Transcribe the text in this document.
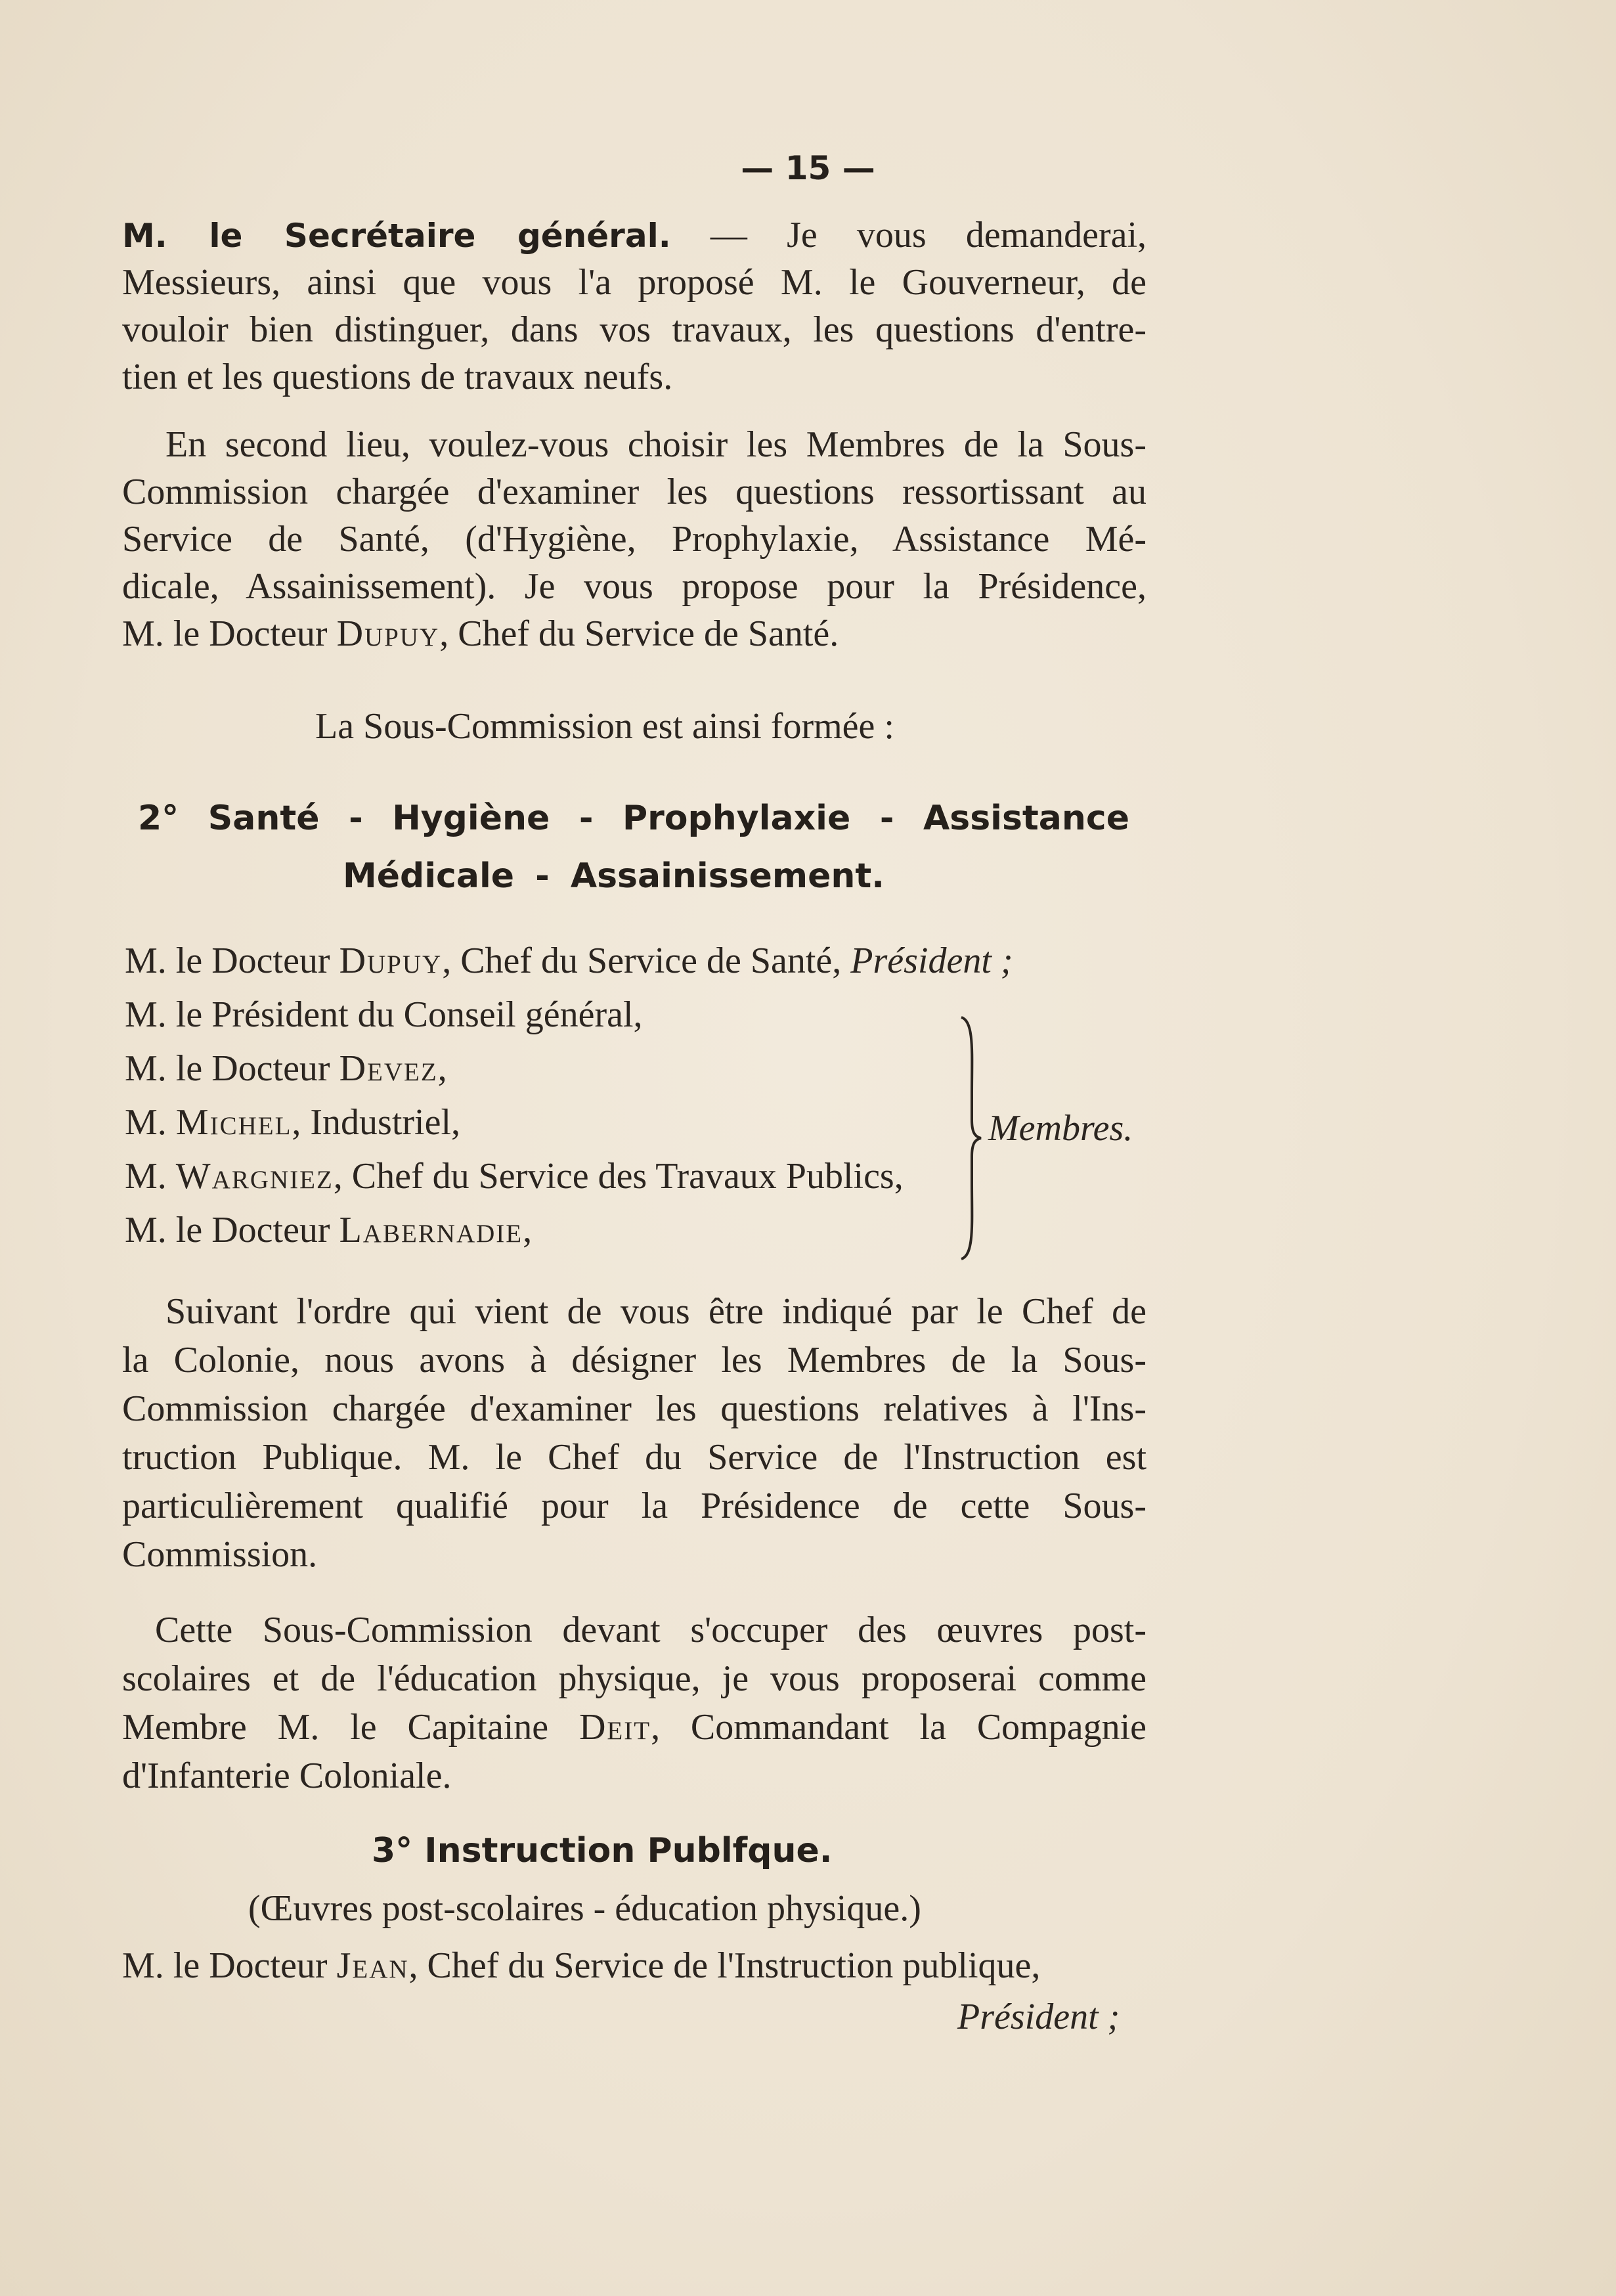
— 15 —
M. le Secrétaire général. — Je vous demanderai,
Messieurs, ainsi que vous l'a proposé M. le Gouverneur, de
vouloir bien distinguer, dans vos travaux, les questions d'entre-
tien et les questions de travaux neufs.
En second lieu, voulez-vous choisir les Membres de la Sous-
Commission chargée d'examiner les questions ressortissant au
Service de Santé, (d'Hygiène, Prophylaxie, Assistance Mé-
dicale, Assainissement). Je vous propose pour la Présidence,
M. le Docteur Dupuy, Chef du Service de Santé.
La Sous-Commission est ainsi formée :
2° Santé - Hygiène - Prophylaxie - Assistance
Médicale - Assainissement.
M. le Docteur Dupuy, Chef du Service de Santé, Président ;
M. le Président du Conseil général,
M. le Docteur Devez,
M. Michel, Industriel,
M. Wargniez, Chef du Service des Travaux Publics,
M. le Docteur Labernadie,
Membres.
Suivant l'ordre qui vient de vous être indiqué par le Chef de
la Colonie, nous avons à désigner les Membres de la Sous-
Commission chargée d'examiner les questions relatives à l'Ins-
truction Publique. M. le Chef du Service de l'Instruction est
particulièrement qualifié pour la Présidence de cette Sous-
Commission.
Cette Sous-Commission devant s'occuper des œuvres post-
scolaires et de l'éducation physique, je vous proposerai comme
Membre M. le Capitaine Deit, Commandant la Compagnie
d'Infanterie Coloniale.
3° Instruction Publfque.
(Œuvres post-scolaires - éducation physique.)
M. le Docteur Jean, Chef du Service de l'Instruction publique,
Président ;
